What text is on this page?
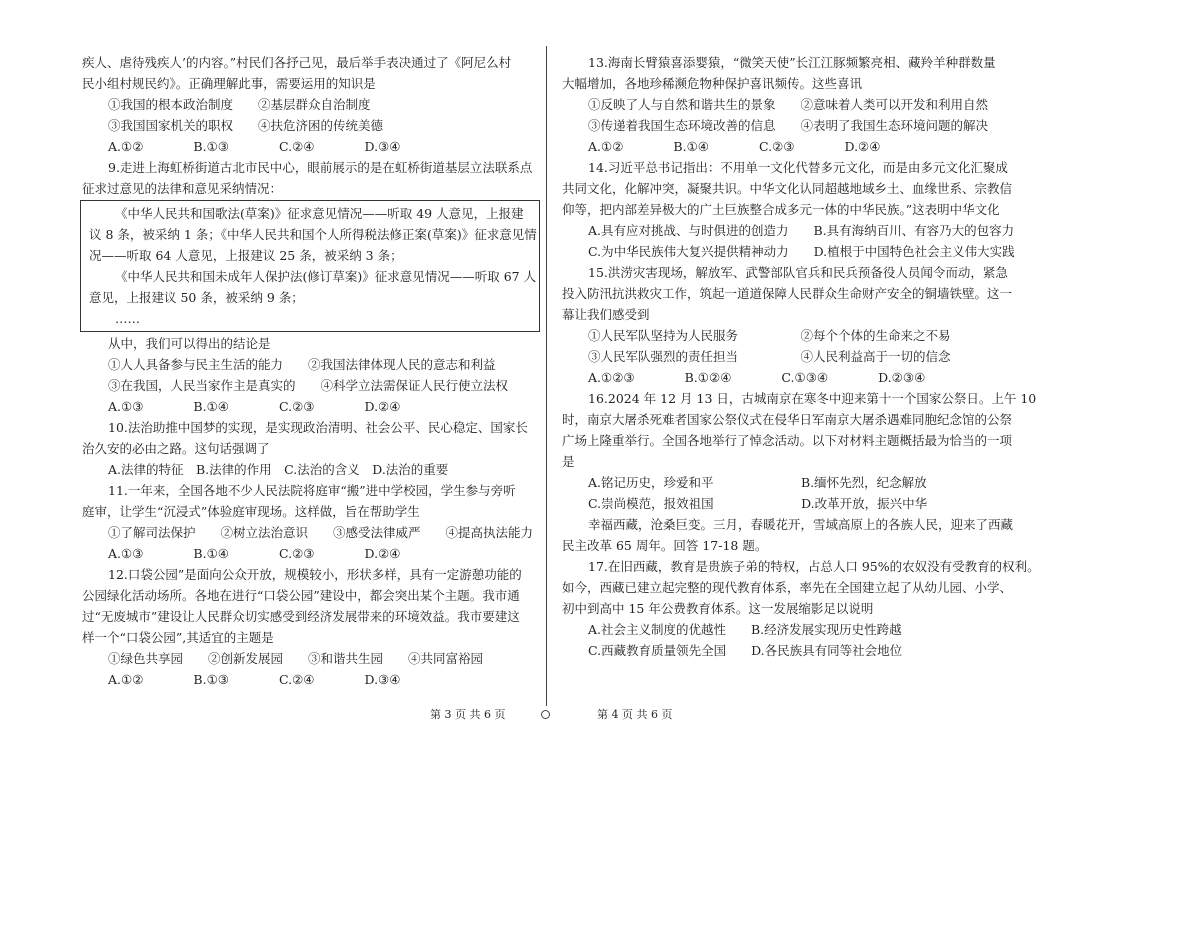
疾人、虐待残疾人’的内容。”村民们各抒己见，最后举手表决通过了《阿尼么村

民小组村规民约》。正确理解此事，需要运用的知识是

①我国的根本政治制度　　②基层群众自治制度

③我国国家机关的职权　　④扶危济困的传统美德

A.①②　　　　B.①③　　　　C.②④　　　　D.③④

9.走进上海虹桥街道古北市民中心，眼前展示的是在虹桥街道基层立法联系点

征求过意见的法律和意见采纳情况：

《中华人民共和国歌法(草案)》征求意见情况——听取 49 人意见，上报建

议 8 条，被采纳 1 条；《中华人民共和国个人所得税法修正案(草案)》征求意见情

况——听取 64 人意见，上报建议 25 条，被采纳 3 条；

《中华人民共和国未成年人保护法(修订草案)》征求意见情况——听取 67 人

意见，上报建议 50 条，被采纳 9 条；

……

从中，我们可以得出的结论是

①人人具备参与民主生活的能力　　②我国法律体现人民的意志和利益

③在我国，人民当家作主是真实的　　④科学立法需保证人民行使立法权

A.①③　　　　B.①④　　　　C.②③　　　　D.②④

10.法治助推中国梦的实现，是实现政治清明、社会公平、民心稳定、国家长

治久安的必由之路。这句话强调了

A.法律的特征　B.法律的作用　C.法治的含义　D.法治的重要

11.一年来，全国各地不少人民法院将庭审“搬”进中学校园，学生参与旁听

庭审，让学生“沉浸式”体验庭审现场。这样做，旨在帮助学生

①了解司法保护　　②树立法治意识　　③感受法律威严　　④提高执法能力

A.①③　　　　B.①④　　　　C.②③　　　　D.②④

12.口袋公园”是面向公众开放，规模较小，形状多样，具有一定游憩功能的

公园绿化活动场所。各地在进行“口袋公园”建设中，都会突出某个主题。我市通

过“无废城市”建设让人民群众切实感受到经济发展带来的环境效益。我市要建这

样一个“口袋公园”,其适宜的主题是

①绿色共享园　　②创新发展园　　③和谐共生园　　④共同富裕园

A.①②　　　　B.①③　　　　C.②④　　　　D.③④

13.海南长臂猿喜添婴猿，“微笑天使”长江江豚频繁亮相、藏羚羊种群数量

大幅增加，各地珍稀濒危物种保护喜讯频传。这些喜讯

①反映了人与自然和谐共生的景象　　②意味着人类可以开发和利用自然

③传递着我国生态环境改善的信息　　④表明了我国生态环境问题的解决

A.①②　　　　B.①④　　　　C.②③　　　　D.②④

14.习近平总书记指出：不用单一文化代替多元文化，而是由多元文化汇聚成

共同文化，化解冲突，凝聚共识。中华文化认同超越地域乡土、血缘世系、宗教信

仰等，把内部差异极大的广土巨族整合成多元一体的中华民族。”这表明中华文化

A.具有应对挑战、与时俱进的创造力　　B.具有海纳百川、有容乃大的包容力

C.为中华民族伟大复兴提供精神动力　　D.植根于中国特色社会主义伟大实践

15.洪涝灾害现场，解放军、武警部队官兵和民兵预备役人员闻令而动，紧急

投入防汛抗洪救灾工作，筑起一道道保障人民群众生命财产安全的铜墙铁壁。这一

幕让我们感受到

①人民军队坚持为人民服务　　　　　②每个个体的生命来之不易

③人民军队强烈的责任担当　　　　　④人民利益高于一切的信念

A.①②③　　　　B.①②④　　　　C.①③④　　　　D.②③④

16.2024 年 12 月 13 日，古城南京在寒冬中迎来第十一个国家公祭日。上午 10

时，南京大屠杀死难者国家公祭仪式在侵华日军南京大屠杀遇难同胞纪念馆的公祭

广场上隆重举行。全国各地举行了悼念活动。以下对材料主题概括最为恰当的一项

是

A.铭记历史，珍爱和平　　　　　　　B.缅怀先烈，纪念解放

C.崇尚模范，报效祖国　　　　　　　D.改革开放，振兴中华

幸福西藏，沧桑巨变。三月，春暖花开，雪域高原上的各族人民，迎来了西藏

民主改革 65 周年。回答 17-18 题。

17.在旧西藏，教育是贵族子弟的特权，占总人口 95%的农奴没有受教育的权利。

如今，西藏已建立起完整的现代教育体系，率先在全国建立起了从幼儿园、小学、

初中到高中 15 年公费教育体系。这一发展缩影足以说明

A.社会主义制度的优越性　　B.经济发展实现历史性跨越

C.西藏教育质量领先全国　　D.各民族具有同等社会地位

第 3 页 共 6 页	第 4 页 共 6 页
